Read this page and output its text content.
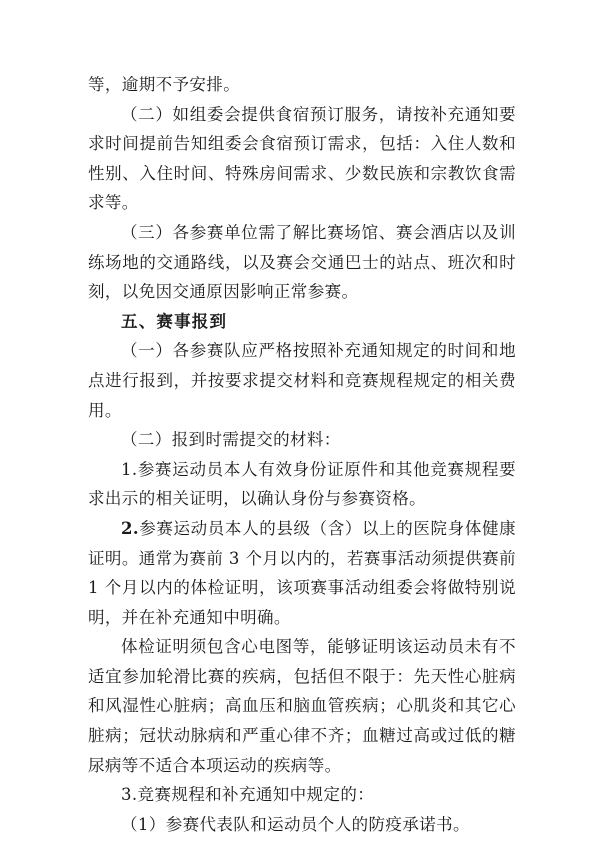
等，逾期不予安排。

（二）如组委会提供食宿预订服务，请按补充通知要求时间提前告知组委会食宿预订需求，包括：入住人数和性别、入住时间、特殊房间需求、少数民族和宗教饮食需求等。

（三）各参赛单位需了解比赛场馆、赛会酒店以及训练场地的交通路线，以及赛会交通巴士的站点、班次和时刻，以免因交通原因影响正常参赛。

五、赛事报到

（一）各参赛队应严格按照补充通知规定的时间和地点进行报到，并按要求提交材料和竞赛规程规定的相关费用。

（二）报到时需提交的材料：

1.参赛运动员本人有效身份证原件和其他竞赛规程要求出示的相关证明，以确认身份与参赛资格。

2.参赛运动员本人的县级（含）以上的医院身体健康证明。通常为赛前 3 个月以内的，若赛事活动须提供赛前 1 个月以内的体检证明，该项赛事活动组委会将做特别说明，并在补充通知中明确。

体检证明须包含心电图等，能够证明该运动员未有不适宜参加轮滑比赛的疾病，包括但不限于：先天性心脏病和风湿性心脏病；高血压和脑血管疾病；心肌炎和其它心脏病；冠状动脉病和严重心律不齐；血糖过高或过低的糖尿病等不适合本项运动的疾病等。

3.竞赛规程和补充通知中规定的：

（1）参赛代表队和运动员个人的防疫承诺书。
